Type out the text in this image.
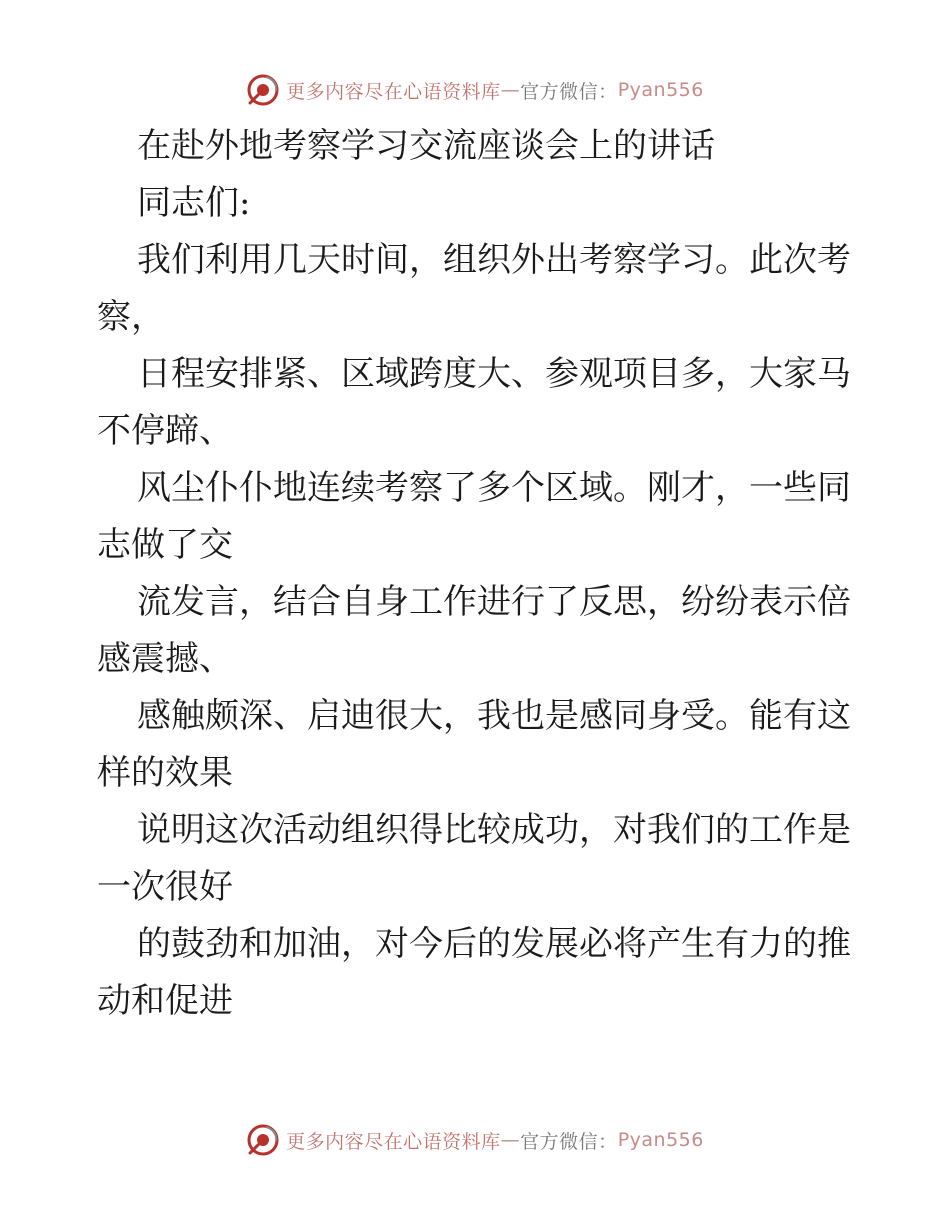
更多内容尽在心语资料库 — 官方微信 ： Pyan556
在赴外地考察学习交流座谈会上的讲话
同志们:
我们利用几天时间，组织外出考察学习。此次考
察，
日程安排紧、区域跨度大、参观项目多，大家马
不停蹄、
风尘仆仆地连续考察了多个区域。刚才，一些同
志做了交
流发言，结合自身工作进行了反思，纷纷表示倍
感震撼、
感触颇深、启迪很大，我也是感同身受。能有这
样的效果
说明这次活动组织得比较成功，对我们的工作是
一次很好
的鼓劲和加油，对今后的发展必将产生有力的推
动和促进
更多内容尽在心语资料库 — 官方微信 ： Pyan556
